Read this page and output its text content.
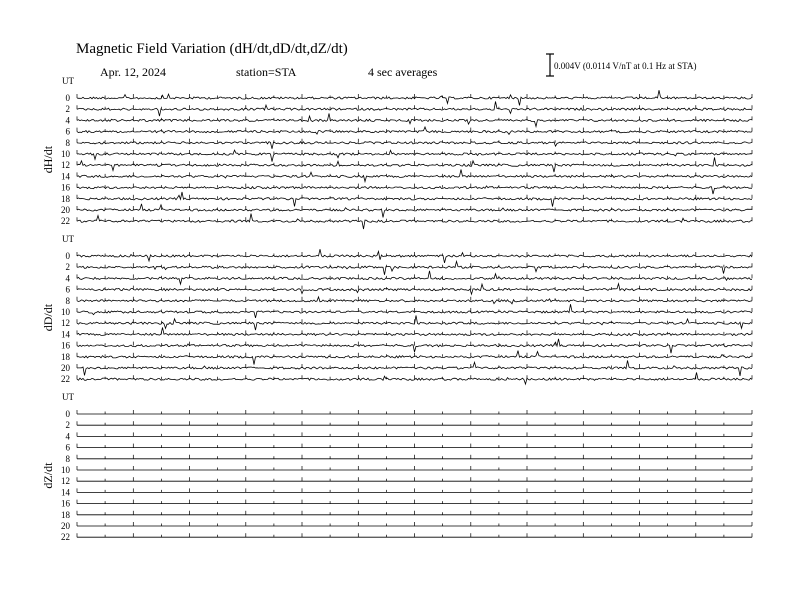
Magnetic Field Variation (dH/dt,dD/dt,dZ/dt)
Apr. 12, 2024	station=STA	4 sec averages	0.004V (0.0114 V/nT at 0.1 Hz at STA)
UT
dH/dt
0
2
4
6
8
10
12
14
16
18
20
22
UT
dD/dt
0
2
4
6
8
10
12
14
16
18
20
22
UT
dZ/dt
0
2
4
6
8
10
12
14
16
18
20
22
